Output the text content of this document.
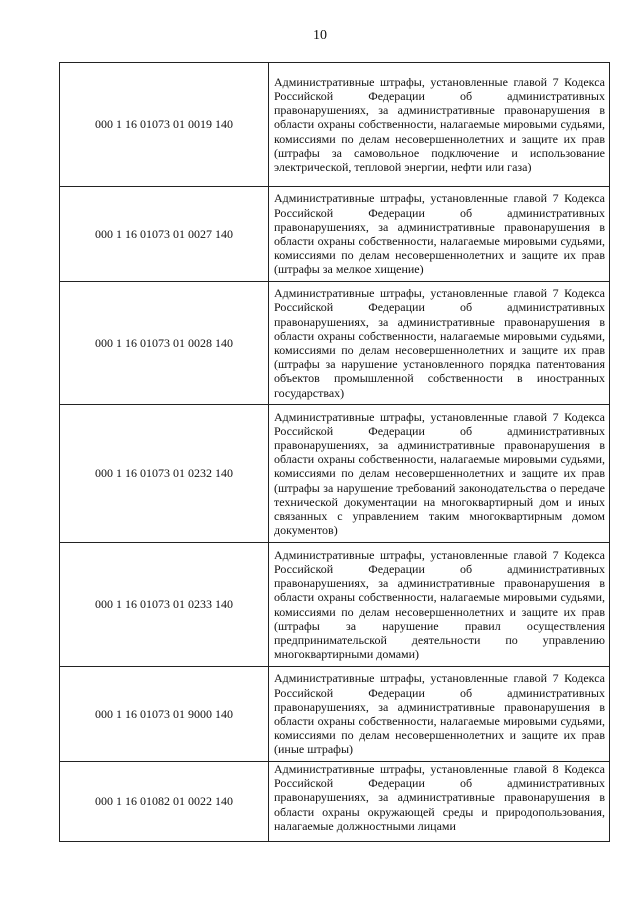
10
000 1 16 01073 01 0019 140	Административные штрафы, установленные главой 7 Кодекса Российской Федерации об административных правонарушениях, за административные правонарушения в области охраны собственности, налагаемые мировыми судьями, комиссиями по делам несовершеннолетних и защите их прав (штрафы за самовольное подключение и использование электрической, тепловой энергии, нефти или газа)
000 1 16 01073 01 0027 140	Административные штрафы, установленные главой 7 Кодекса Российской Федерации об административных правонарушениях, за административные правонарушения в области охраны собственности, налагаемые мировыми судьями, комиссиями по делам несовершеннолетних и защите их прав (штрафы за мелкое хищение)
000 1 16 01073 01 0028 140	Административные штрафы, установленные главой 7 Кодекса Российской Федерации об административных правонарушениях, за административные правонарушения в области охраны собственности, налагаемые мировыми судьями, комиссиями по делам несовершеннолетних и защите их прав (штрафы за нарушение установленного порядка патентования объектов промышленной собственности в иностранных государствах)
000 1 16 01073 01 0232 140	Административные штрафы, установленные главой 7 Кодекса Российской Федерации об административных правонарушениях, за административные правонарушения в области охраны собственности, налагаемые мировыми судьями, комиссиями по делам несовершеннолетних и защите их прав (штрафы за нарушение требований законодательства о передаче технической документации на многоквартирный дом и иных связанных с управлением таким многоквартирным домом документов)
000 1 16 01073 01 0233 140	Административные штрафы, установленные главой 7 Кодекса Российской Федерации об административных правонарушениях, за административные правонарушения в области охраны собственности, налагаемые мировыми судьями, комиссиями по делам несовершеннолетних и защите их прав (штрафы за нарушение правил осуществления предпринимательской деятельности по управлению многоквартирными домами)
000 1 16 01073 01 9000 140	Административные штрафы, установленные главой 7 Кодекса Российской Федерации об административных правонарушениях, за административные правонарушения в области охраны собственности, налагаемые мировыми судьями, комиссиями по делам несовершеннолетних и защите их прав (иные штрафы)
000 1 16 01082 01 0022 140	Административные штрафы, установленные главой 8 Кодекса Российской Федерации об административных правонарушениях, за административные правонарушения в области охраны окружающей среды и природопользования, налагаемые должностными лицами
